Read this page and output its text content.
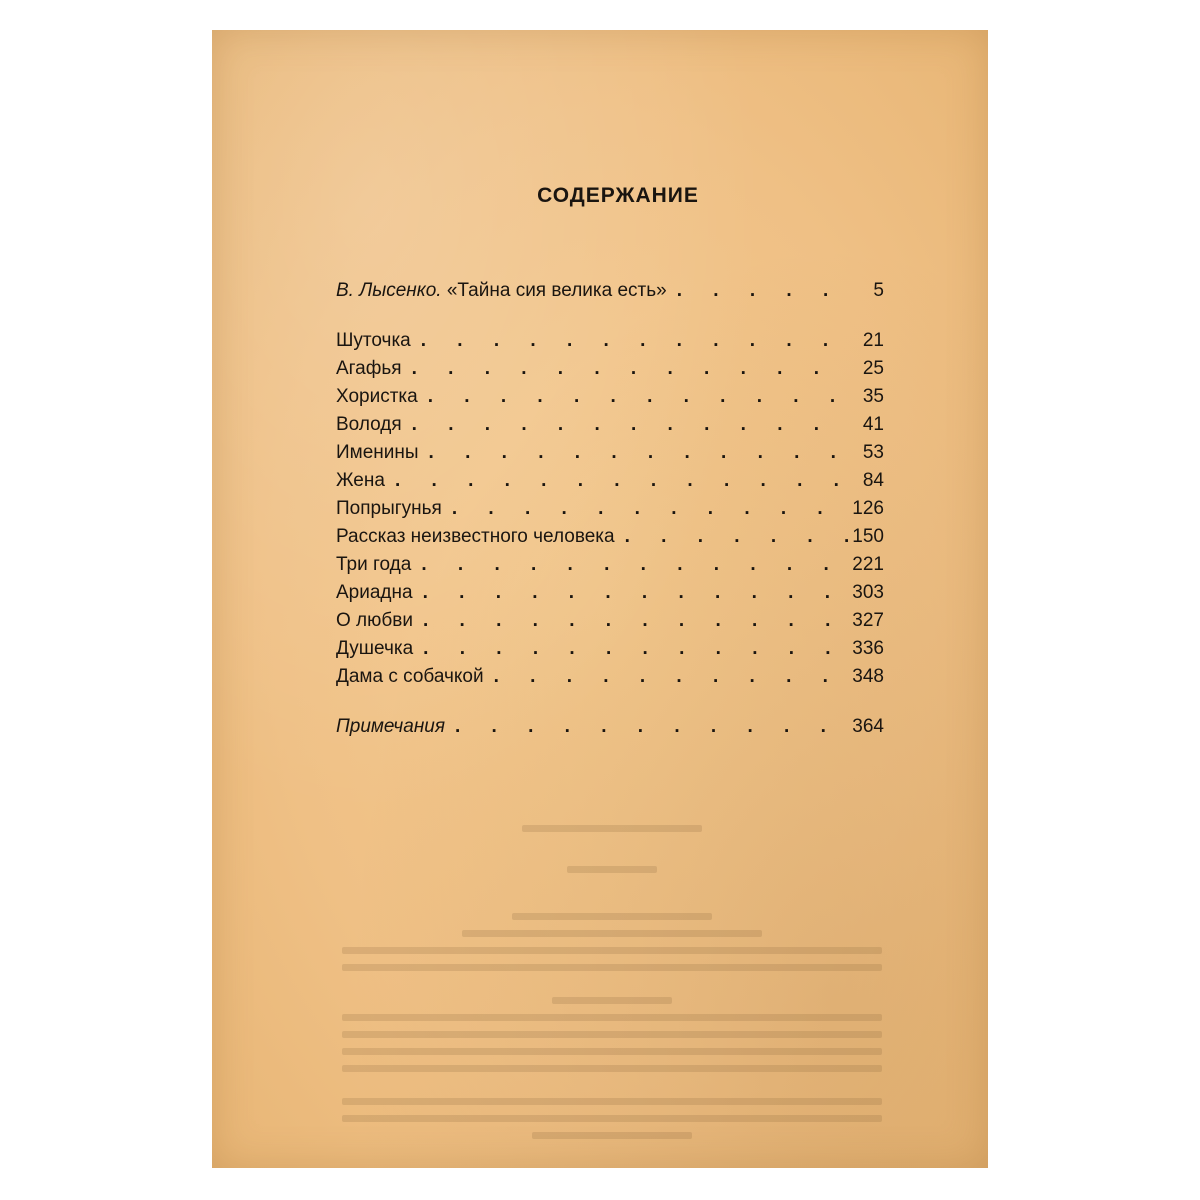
СОДЕРЖАНИЕ
В. Лысенко. «Тайна сия велика есть» . . .	5
Шуточка . . .	21
Агафья . . .	25
Хористка . . .	35
Володя . . .	41
Именины . . .	53
Жена . . .	84
Попрыгунья . . .	126
Рассказ неизвестного человека . . .	150
Три года . . .	221
Ариадна . . .	303
О любви . . .	327
Душечка . . .	336
Дама с собачкой . . .	348
Примечания . . .	364
